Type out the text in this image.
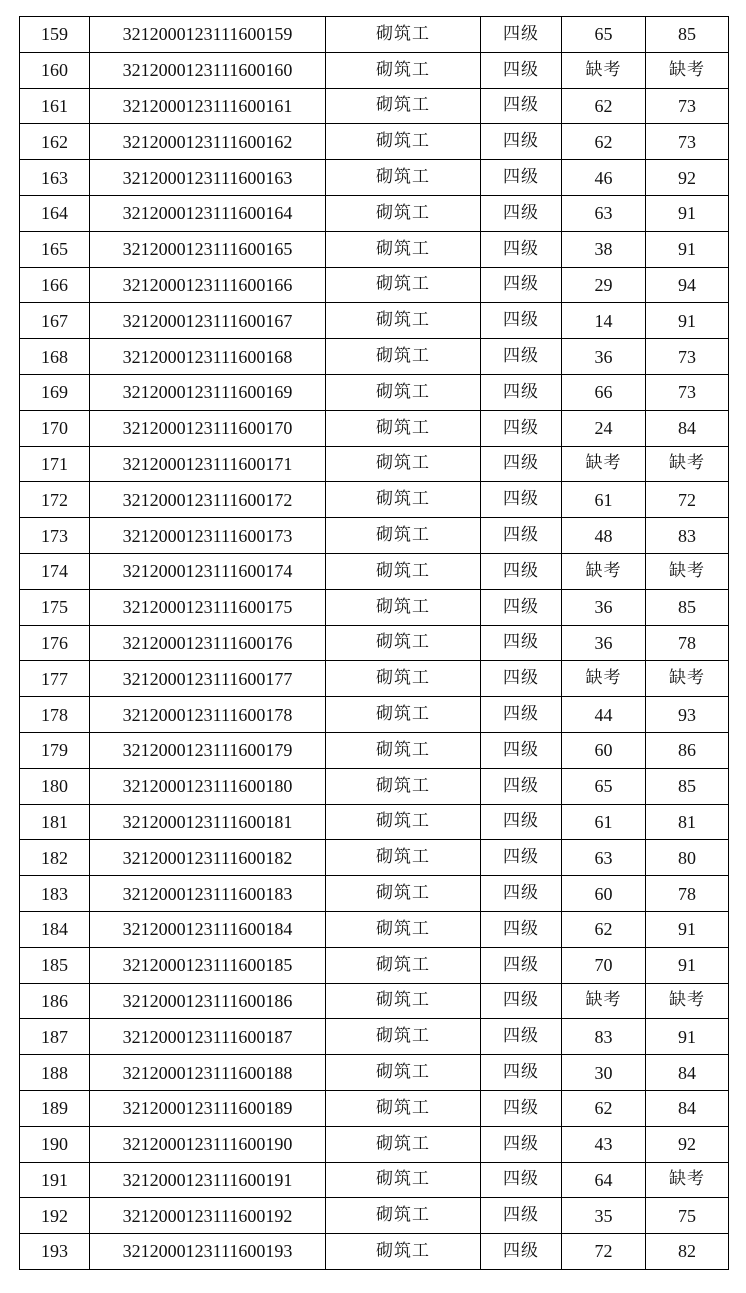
159	3212000123111600159	砌筑工	四级	65	85
160	3212000123111600160	砌筑工	四级	缺考	缺考
161	3212000123111600161	砌筑工	四级	62	73
162	3212000123111600162	砌筑工	四级	62	73
163	3212000123111600163	砌筑工	四级	46	92
164	3212000123111600164	砌筑工	四级	63	91
165	3212000123111600165	砌筑工	四级	38	91
166	3212000123111600166	砌筑工	四级	29	94
167	3212000123111600167	砌筑工	四级	14	91
168	3212000123111600168	砌筑工	四级	36	73
169	3212000123111600169	砌筑工	四级	66	73
170	3212000123111600170	砌筑工	四级	24	84
171	3212000123111600171	砌筑工	四级	缺考	缺考
172	3212000123111600172	砌筑工	四级	61	72
173	3212000123111600173	砌筑工	四级	48	83
174	3212000123111600174	砌筑工	四级	缺考	缺考
175	3212000123111600175	砌筑工	四级	36	85
176	3212000123111600176	砌筑工	四级	36	78
177	3212000123111600177	砌筑工	四级	缺考	缺考
178	3212000123111600178	砌筑工	四级	44	93
179	3212000123111600179	砌筑工	四级	60	86
180	3212000123111600180	砌筑工	四级	65	85
181	3212000123111600181	砌筑工	四级	61	81
182	3212000123111600182	砌筑工	四级	63	80
183	3212000123111600183	砌筑工	四级	60	78
184	3212000123111600184	砌筑工	四级	62	91
185	3212000123111600185	砌筑工	四级	70	91
186	3212000123111600186	砌筑工	四级	缺考	缺考
187	3212000123111600187	砌筑工	四级	83	91
188	3212000123111600188	砌筑工	四级	30	84
189	3212000123111600189	砌筑工	四级	62	84
190	3212000123111600190	砌筑工	四级	43	92
191	3212000123111600191	砌筑工	四级	64	缺考
192	3212000123111600192	砌筑工	四级	35	75
193	3212000123111600193	砌筑工	四级	72	82
